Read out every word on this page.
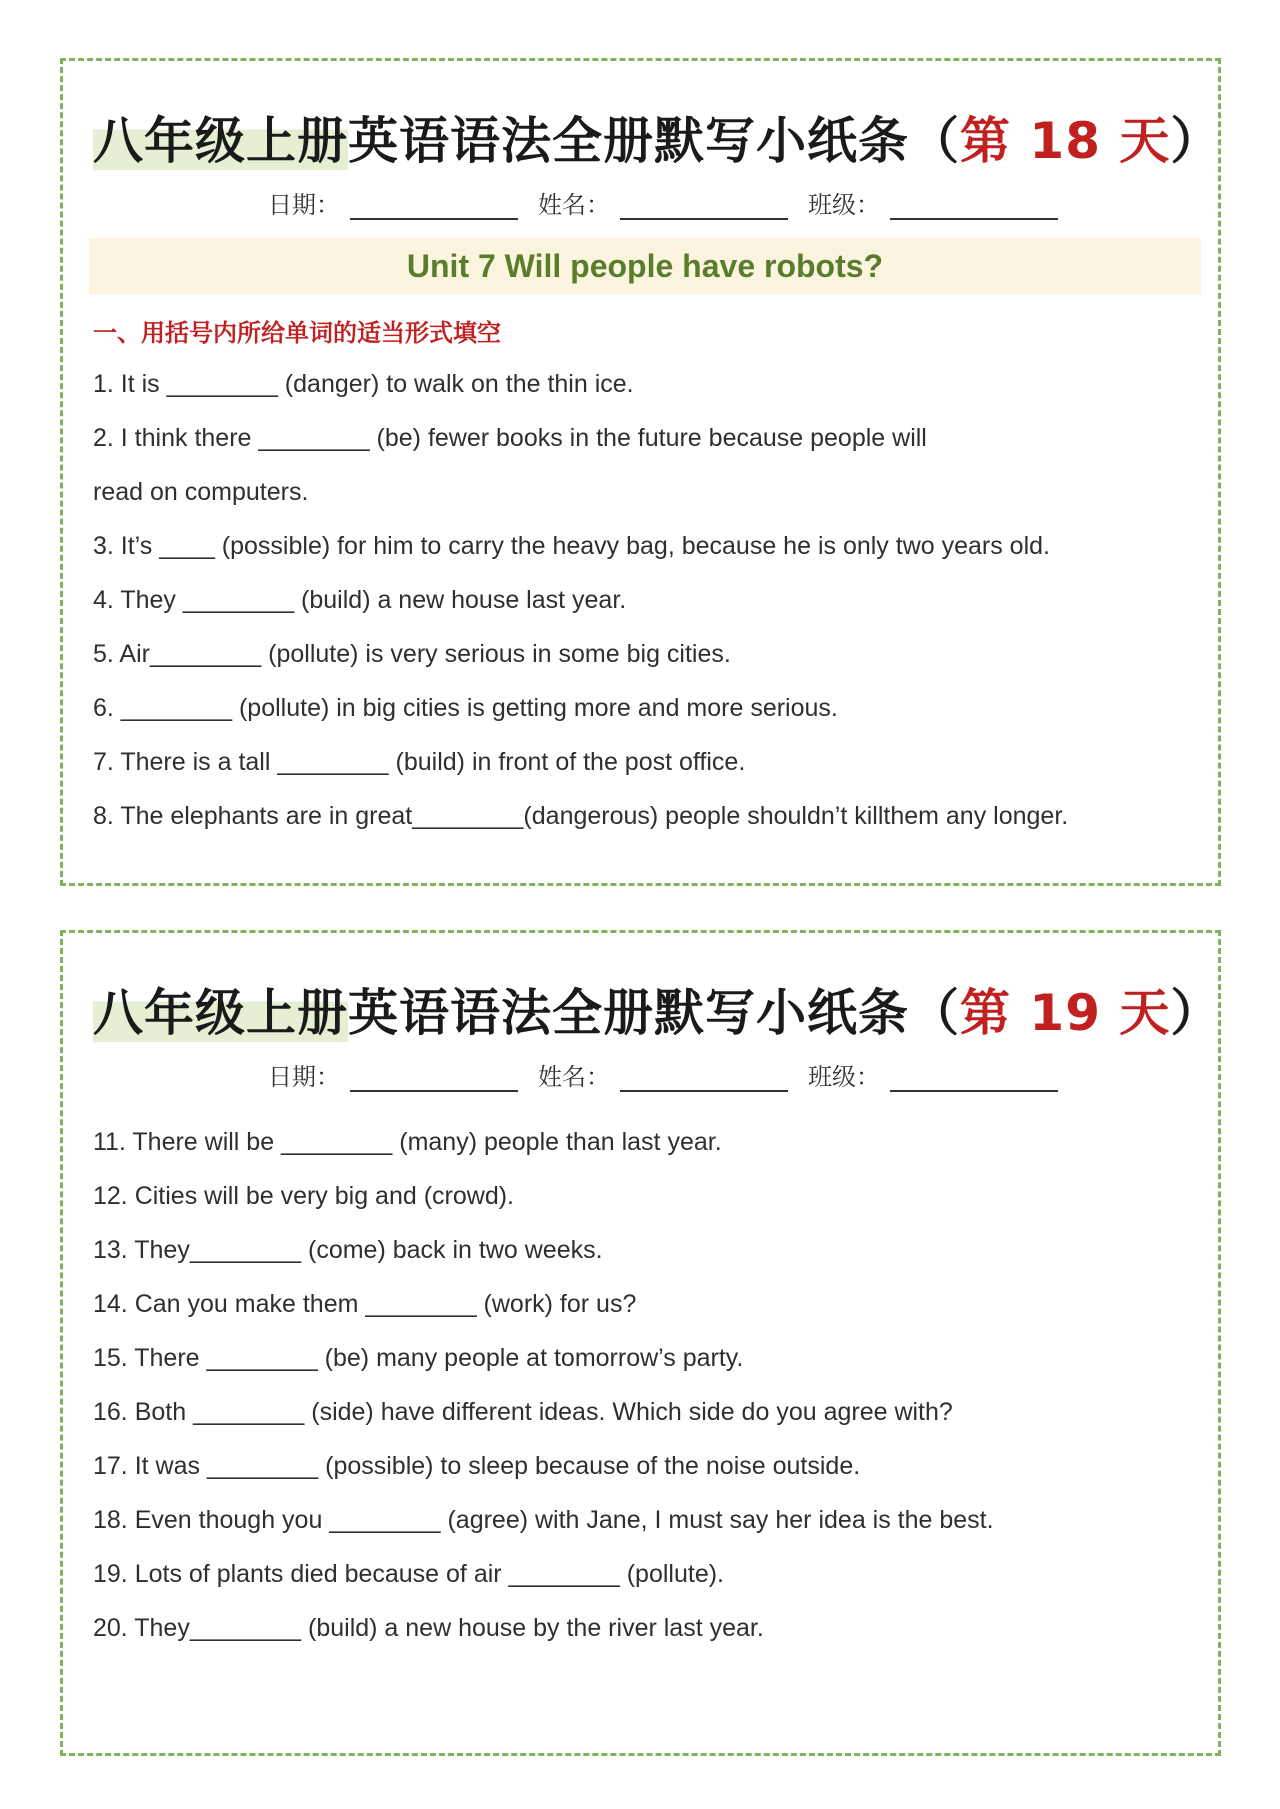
八年级上册英语语法全册默写小纸条（第 18 天）
日期：	姓名：	班级：
Unit 7 Will people have robots?
一、用括号内所给单词的适当形式填空
1. It is ________ (danger) to walk on the thin ice.
2. I think there ________ (be) fewer books in the future because people will
read on computers.
3. It’s ____ (possible) for him to carry the heavy bag, because he is only two years old.
4. They ________ (build) a new house last year.
5. Air________ (pollute) is very serious in some big cities.
6. ________ (pollute) in big cities is getting more and more serious.
7. There is a tall ________ (build) in front of the post office.
8. The elephants are in great________(dangerous) people shouldn’t killthem any longer.
八年级上册英语语法全册默写小纸条（第 19 天）
日期：	姓名：	班级：
11. There will be ________ (many) people than last year.
12. Cities will be very big and (crowd).
13. They________ (come) back in two weeks.
14. Can you make them ________ (work) for us?
15. There ________ (be) many people at tomorrow’s party.
16. Both ________ (side) have different ideas. Which side do you agree with?
17. It was ________ (possible) to sleep because of the noise outside.
18. Even though you ________ (agree) with Jane, I must say her idea is the best.
19. Lots of plants died because of air ________ (pollute).
20. They________ (build) a new house by the river last year.
